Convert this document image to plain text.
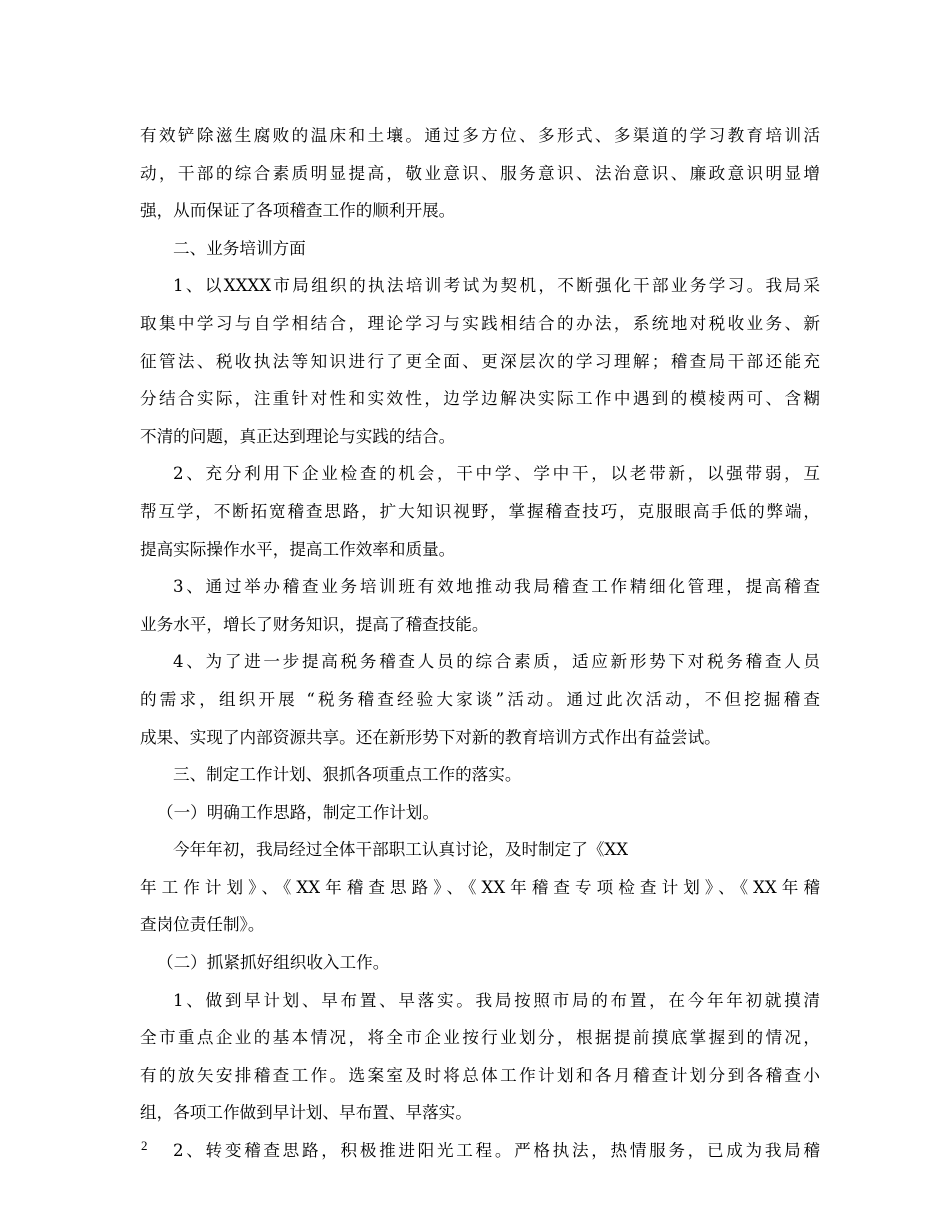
有效铲除滋生腐败的温床和土壤。通过多方位、多形式、多渠道的学习教育培训活
动，干部的综合素质明显提高，敬业意识、服务意识、法治意识、廉政意识明显增
强，从而保证了各项稽查工作的顺利开展。
二、业务培训方面
1、以XXXX市局组织的执法培训考试为契机，不断强化干部业务学习。我局采
取集中学习与自学相结合，理论学习与实践相结合的办法，系统地对税收业务、新
征管法、税收执法等知识进行了更全面、更深层次的学习理解；稽查局干部还能充
分结合实际，注重针对性和实效性，边学边解决实际工作中遇到的模棱两可、含糊
不清的问题，真正达到理论与实践的结合。
2、充分利用下企业检查的机会，干中学、学中干，以老带新，以强带弱，互
帮互学，不断拓宽稽查思路，扩大知识视野，掌握稽查技巧，克服眼高手低的弊端，
提高实际操作水平，提高工作效率和质量。
3、通过举办稽查业务培训班有效地推动我局稽查工作精细化管理，提高稽查
业务水平，增长了财务知识，提高了稽查技能。
4、为了进一步提高税务稽查人员的综合素质，适应新形势下对税务稽查人员
的需求，组织开展 “税务稽查经验大家谈”活动。通过此次活动，不但挖掘稽查
成果、实现了内部资源共享。还在新形势下对新的教育培训方式作出有益尝试。
三、制定工作计划、狠抓各项重点工作的落实。
（一）明确工作思路，制定工作计划。
今年年初，我局经过全体干部职工认真讨论，及时制定了《XX
年工作计划》、《XX年稽查思路》、《XX年稽查专项检查计划》、《XX年稽
查岗位责任制》。
（二）抓紧抓好组织收入工作。
1、做到早计划、早布置、早落实。我局按照市局的布置，在今年年初就摸清
全市重点企业的基本情况，将全市企业按行业划分，根据提前摸底掌握到的情况，
有的放矢安排稽查工作。选案室及时将总体工作计划和各月稽查计划分到各稽查小
组，各项工作做到早计划、早布置、早落实。
2、转变稽查思路，积极推进阳光工程。严格执法，热情服务，已成为我局稽
2
